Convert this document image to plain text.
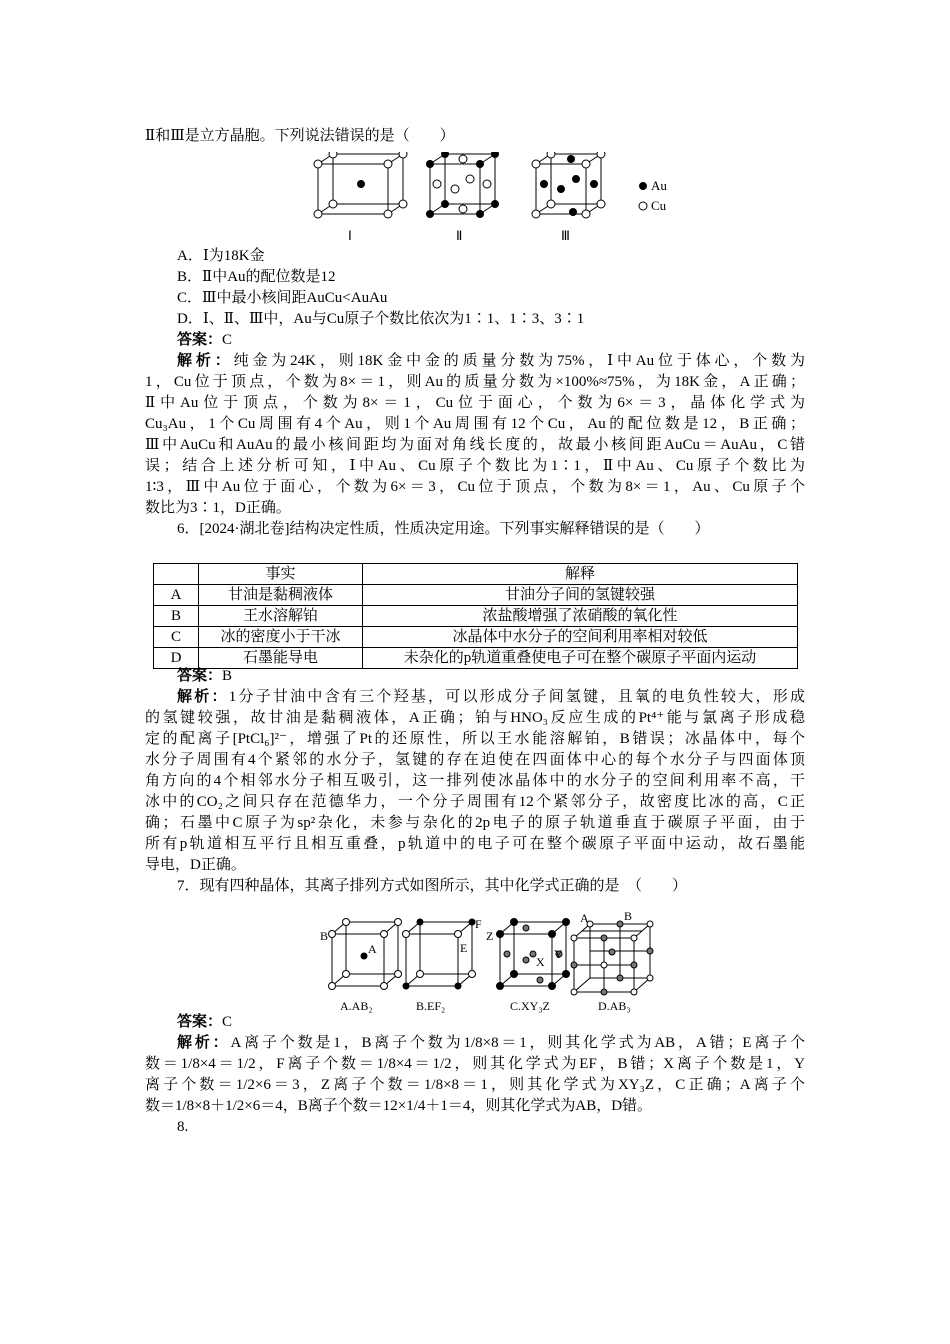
Ⅱ和Ⅲ是立方晶胞。下列说法错误的是（　　）
Ⅰ	Ⅱ	Ⅲ
Au
Cu
A．Ⅰ为18K金
B．Ⅱ中Au的配位数是12
C．Ⅲ中最小核间距AuCu<AuAu
D．Ⅰ、Ⅱ、Ⅲ中，Au与Cu原子个数比依次为1∶1、1∶3、3∶1
答案：C
解析：纯金为24K，则18K金中金的质量分数为75%，Ⅰ中Au位于体心，个数为
1，Cu位于顶点，个数为8×＝1，则Au的质量分数为×100%≈75%，为18K金，A正确；
Ⅱ中Au位于顶点，个数为8×＝1，Cu位于面心，个数为6×＝3，晶体化学式为
Cu₃Au，1个Cu周围有4个Au，则1个Au周围有12个Cu，Au的配位数是12，B正确；
Ⅲ中AuCu和AuAu的最小核间距均为面对角线长度的，故最小核间距AuCu＝AuAu，C错
误；结合上述分析可知，Ⅰ中Au、Cu原子个数比为1∶1，Ⅱ中Au、Cu原子个数比为
1∶3，Ⅲ中Au位于面心，个数为6×＝3，Cu位于顶点，个数为8×＝1，Au、Cu原子个
数比为3∶1，D正确。
6．[2024·湖北卷]结构决定性质，性质决定用途。下列事实解释错误的是（　　）
	事实	解释
A	甘油是黏稠液体	甘油分子间的氢键较强
B	王水溶解铂	浓盐酸增强了浓硝酸的氧化性
C	冰的密度小于干冰	冰晶体中水分子的空间利用率相对较低
D	石墨能导电	未杂化的p轨道重叠使电子可在整个碳原子平面内运动
答案：B
解析：1分子甘油中含有三个羟基，可以形成分子间氢键，且氧的电负性较大，形成
的氢键较强，故甘油是黏稠液体，A正确；铂与HNO₃反应生成的Pt⁴⁺能与氯离子形成稳
定的配离子[PtCl₆]²⁻，增强了Pt的还原性，所以王水能溶解铂，B错误；冰晶体中，每个
水分子周围有4个紧邻的水分子，氢键的存在迫使在四面体中心的每个水分子与四面体顶
角方向的4个相邻水分子相互吸引，这一排列使冰晶体中的水分子的空间利用率不高，干
冰中的CO₂之间只存在范德华力，一个分子周围有12个紧邻分子，故密度比冰的高，C正
确；石墨中C原子为sp²杂化，未参与杂化的2p电子的原子轨道垂直于碳原子平面，由于
所有p轨道相互平行且相互重叠，p轨道中的电子可在整个碳原子平面中运动，故石墨能
导电，D正确。
7．现有四种晶体，其离子排列方式如图所示，其中化学式正确的是　（　　）
B
A
F
E
Z
Y
X
A	B
A.AB₂	B.EF₂	C.XY₃Z	D.AB₃
答案：C
解析：A离子个数是1，B离子个数为1/8×8＝1，则其化学式为AB，A错；E离子个
数＝1/8×4＝1/2，F离子个数＝1/8×4＝1/2，则其化学式为EF，B错；X离子个数是1，Y
离子个数＝1/2×6＝3，Z离子个数＝1/8×8＝1，则其化学式为XY₃Z，C正确；A离子个
数＝1/8×8＋1/2×6＝4，B离子个数＝12×1/4＋1＝4，则其化学式为AB，D错。
8.
